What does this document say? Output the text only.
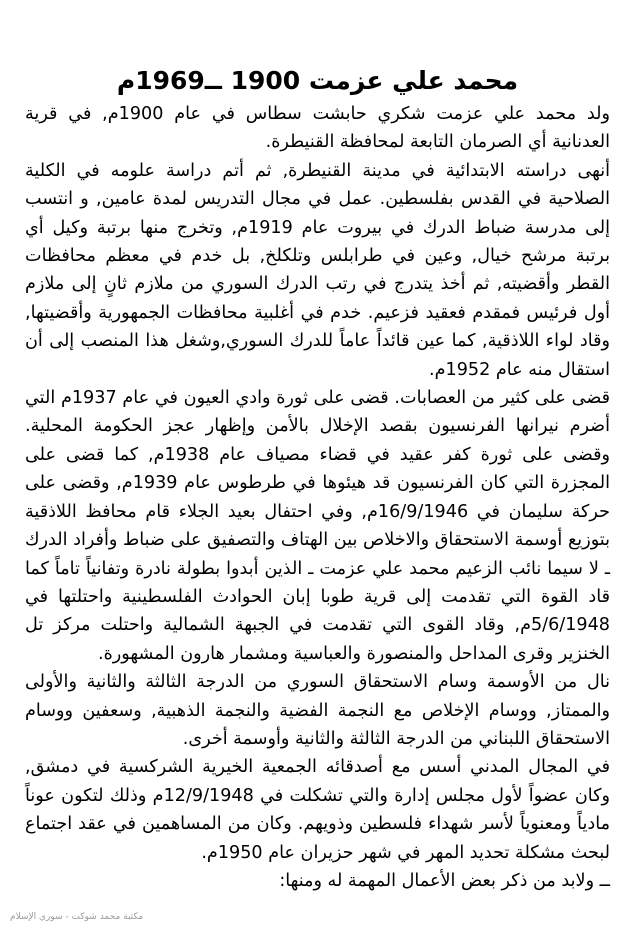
محمد علي عزمت 1900 ــ1969م

ولد محمد علي عزمت شكري حابشت سطاس في عام 1900م, في قرية العدنانية أي الصرمان التابعة لمحافظة القنيطرة.

أنهى دراسته الابتدائية في مدينة القنيطرة, ثم أتم دراسة علومه في الكلية الصلاحية في القدس بفلسطين. عمل في مجال التدريس لمدة عامين, و انتسب إلى مدرسة ضباط الدرك في بيروت عام 1919م, وتخرج منها برتبة وكيل أي برتبة مرشح خيال, وعين في طرابلس وتلكلخ, بل خدم في معظم محافظات القطر وأقضيته, ثم أخذ يتدرج في رتب الدرك السوري من ملازم ثانٍ إلى ملازم أول فرئيس فمقدم فعقيد فزعيم. خدم في أغلبية محافظات الجمهورية وأقضيتها, وقاد لواء اللاذقية, كما عين قائداً عاماً للدرك السوري,وشغل هذا المنصب إلى أن استقال منه عام 1952م.

قضى على كثير من العصابات. قضى على ثورة وادي العيون في عام 1937م التي أضرم نيرانها الفرنسيون بقصد الإخلال بالأمن وإظهار عجز الحكومة المحلية. وقضى على ثورة كفر عقيد في قضاء مصياف عام 1938م, كما قضى على المجزرة التي كان الفرنسيون قد هيئوها في طرطوس عام 1939م, وقضى على حركة سليمان في 16/9/1946م, وفي احتفال بعيد الجلاء قام محافظ اللاذقية بتوزيع أوسمة الاستحقاق والاخلاص بين الهتاف والتصفيق على ضباط وأفراد الدرك ـ لا سيما نائب الزعيم محمد علي عزمت ـ الذين أبدوا بطولة نادرة وتفانياً تاماً كما قاد القوة التي تقدمت إلى قرية طوبا إبان الحوادث الفلسطينية واحتلتها في 5/6/1948م, وقاد القوى التي تقدمت في الجبهة الشمالية واحتلت مركز تل الخنزير وقرى المداحل والمنصورة والعباسية ومشمار هارون المشهورة.

نال من الأوسمة وسام الاستحقاق السوري من الدرجة الثالثة والثانية والأولى والممتاز, ووسام الإخلاص مع النجمة الفضية والنجمة الذهبية, وسعفين ووسام الاستحقاق اللبناني من الدرجة الثالثة والثانية وأوسمة أخرى.

في المجال المدني أسس مع أصدقائه الجمعية الخيرية الشركسية في دمشق, وكان عضواً لأول مجلس إدارة والتي تشكلت في 12/9/1948م وذلك لتكون عوناً مادياً ومعنوياً لأسر شهداء فلسطين وذويهم. وكان من المساهمين في عقد اجتماع لبحث مشكلة تحديد المهر في شهر حزيران عام 1950م.

ــ ولابد من ذكر بعض الأعمال المهمة له ومنها:

مكتبة محمد شوكت - سوري الإسلام
